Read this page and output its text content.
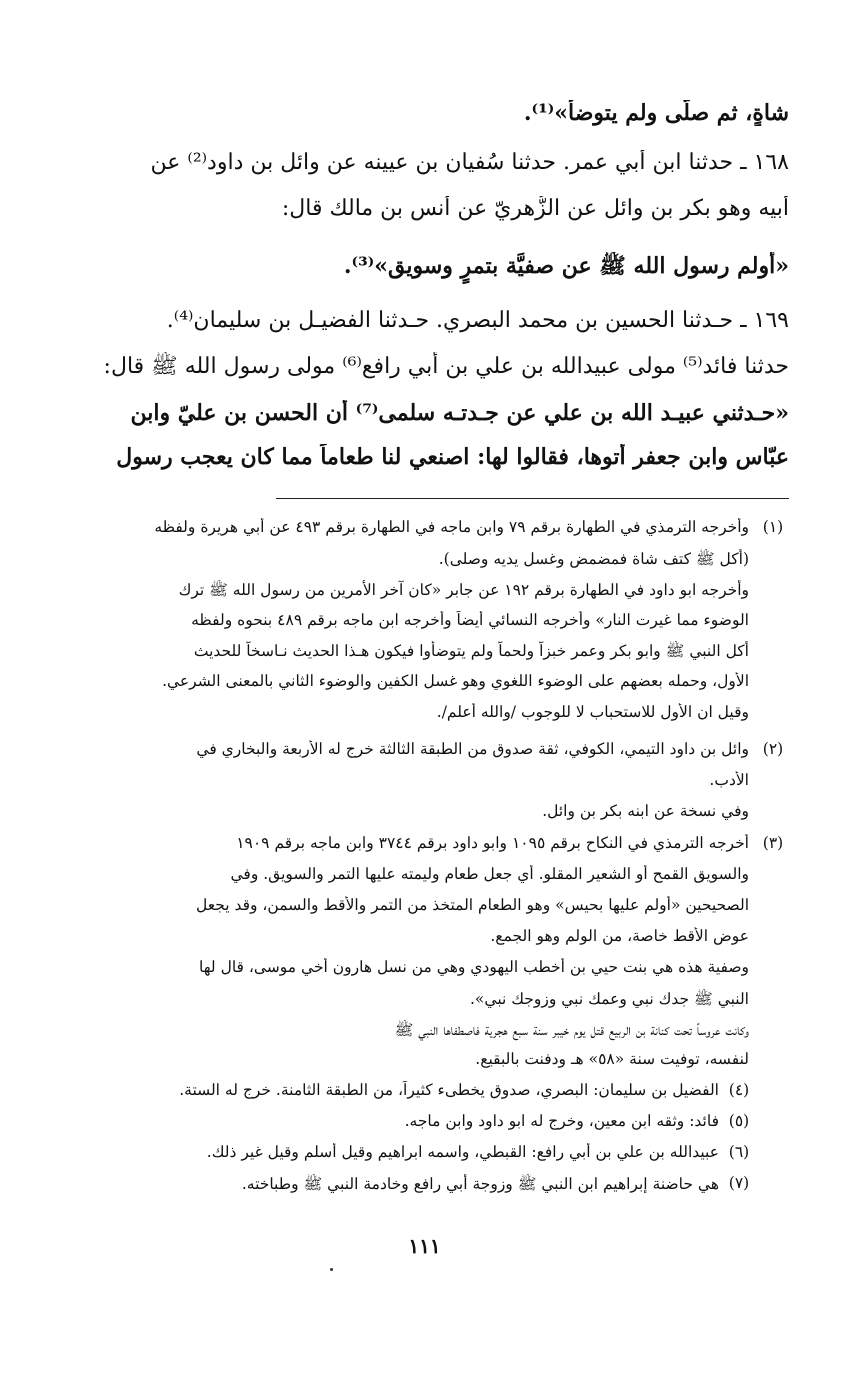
شاةٍ، ثم صلّى ولم يتوضأ»⁽¹⁾.
١٦٨ ـ حدثنا ابن أبي عمر. حدثنا سُفيان بن عيينه عن وائل بن داود⁽²⁾ عن
أبيه وهو بكر بن وائل عن الزُّهريّ عن أنس بن مالك قال:
«أولم رسول الله ﷺ عن صفيَّة بتمرٍ وسويق»⁽³⁾.
١٦٩ ـ حـدثنا الحسين بن محمد البصري. حـدثنا الفضيـل بن سليمان⁽⁴⁾.
حدثنا فائد⁽⁵⁾ مولى عبيدالله بن علي بن أبي رافع⁽⁶⁾ مولى رسول الله ﷺ قال:
«حـدثني عبيـد الله بن علي عن جـدتـه سلمى⁽⁷⁾ أن الحسن بن عليّ وابن
عبّاس وابن جعفر أتوها، فقالوا لها: اصنعي لنا طعاماً مما كان يعجب رسول
(١)
وأخرجه الترمذي في الطهارة برقم ٧٩ وابن ماجه في الطهارة برقم ٤٩٣ عن أبي هريرة ولفظه
(أكل ﷺ كتف شاة فمضمض وغسل يديه وصلى).
وأخرجه ابو داود في الطهارة برقم ١٩٢ عن جابر «كان آخر الأمرين من رسول الله ﷺ ترك
الوضوء مما غيرت النار» وأخرجه النسائي أيضاً وأخرجه ابن ماجه برقم ٤٨٩ بنحوه ولفظه
أكل النبي ﷺ وابو بكر وعمر خبزاً ولحماً ولم يتوضأوا فيكون هـذا الحديث نـاسخاً للحديث
الأول، وحمله بعضهم على الوضوء اللغوي وهو غسل الكفين والوضوء الثاني بالمعنى الشرعي.
وقيل ان الأول للاستحباب لا للوجوب /والله أعلم/.
(٢)
وائل بن داود التيمي، الكوفي، ثقة صدوق من الطبقة الثالثة خرج له الأربعة والبخاري في
الأدب.
وفي نسخة عن ابنه بكر بن وائل.
(٣)
أخرجه الترمذي في النكاح برقم ١٠٩٥ وابو داود برقم ٣٧٤٤ وابن ماجه برقم ١٩٠٩
والسويق القمح أو الشعير المقلو. أي جعل طعام وليمته عليها التمر والسويق. وفي
الصحيحين «أولم عليها بحيس» وهو الطعام المتخذ من التمر والأقط والسمن، وقد يجعل
عوض الأقط خاصة، من الولم وهو الجمع.
وصفية هذه هي بنت حيي بن أخطب اليهودي وهي من نسل هارون أخي موسى، قال لها
النبي ﷺ جدك نبي وعمك نبي وزوجك نبي».
وكانت عروساً تحت كنانة بن الربيع قتل يوم خيبر سنة سبع هجرية فاصطفاها النبي ﷺ
لنفسه، توفيت سنة «٥٨» هـ ودفنت بالبقيع.
(٤)
الفضيل بن سليمان: البصري، صدوق يخطىء كثيراً، من الطبقة الثامنة. خرج له الستة.
(٥)
فائد: وثقه ابن معين، وخرج له ابو داود وابن ماجه.
(٦)
عبيدالله بن علي بن أبي رافع: القبطي، واسمه ابراهيم وقيل أسلم وقيل غير ذلك.
(٧)
هي حاضنة إبراهيم ابن النبي ﷺ وزوجة أبي رافع وخادمة النبي ﷺ وطباخته.
١١١
